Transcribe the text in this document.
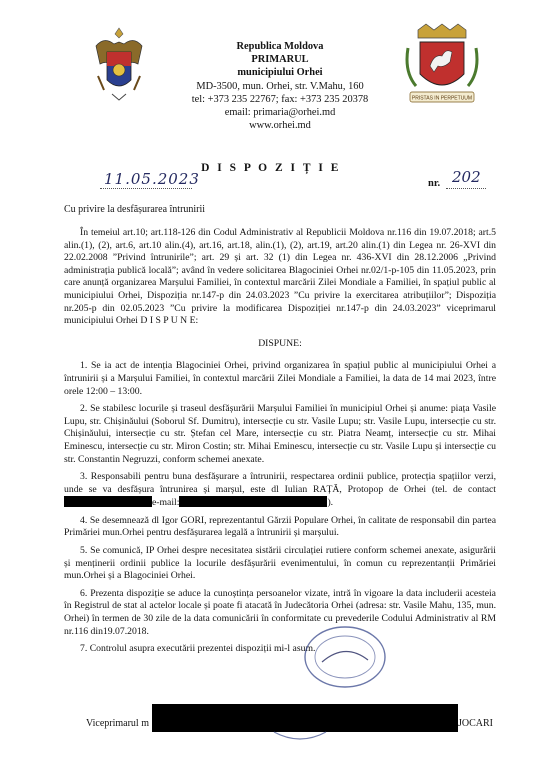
PRISTAS IN PERPETUUM
Republica Moldova
PRIMARUL
municipiului Orhei
MD-3500, mun. Orhei, str. V.Mahu, 160
tel: +373 235 22767; fax: +373 235 20378
email: primaria@orhei.md
www.orhei.md
D I S P O Z I Ț I E
11.05.2023	nr. 202
Cu privire la desfășurarea întrunirii

În temeiul art.10; art.118-126 din Codul Administrativ al Republicii Moldova nr.116 din 19.07.2018; art.5 alin.(1), (2), art.6, art.10 alin.(4), art.16, art.18, alin.(1), (2), art.19, art.20 alin.(1) din Legea nr. 26-XVI din 22.02.2008 ”Privind întrunirile”; art. 29 și art. 32 (1) din Legea nr. 436-XVI din 28.12.2006 „Privind administrația publică locală”; având în vedere solicitarea Blagociniei Orhei nr.02/1-p-105 din 11.05.2023, prin care anunță organizarea Marșului Familiei, în contextul marcării Zilei Mondiale a Familiei, în spațiul public al municipiului Orhei, Dispoziția nr.147-p din 24.03.2023 ”Cu privire la exercitarea atribuțiilor”; Dispoziția nr.205-p din 02.05.2023 ”Cu privire la modificarea Dispoziției nr.147-p din 24.03.2023” viceprimarul municipiului Orhei D I S P U N E:

DISPUNE:

1. Se ia act de intenția Blagociniei Orhei, privind organizarea în spațiul public al municipiului Orhei a întrunirii și a Marșului Familiei, în contextul marcării Zilei Mondiale a Familiei, la data de 14 mai 2023, între orele 12:00 – 13:00.

2. Se stabilesc locurile și traseul desfășurării Marșului Familiei în municipiul Orhei și anume: piața Vasile Lupu, str. Chișinăului (Soborul Sf. Dumitru), intersecție cu str. Vasile Lupu; str. Vasile Lupu, intersecție cu str. Chișinăului, intersecție cu str. Ștefan cel Mare, intersecție cu str. Piatra Neamț, intersecție cu str. Mihai Eminescu, intersecție cu str. Miron Costin; str. Mihai Eminescu, intersecție cu str. Vasile Lupu și intersecție cu str. Constantin Negruzzi, conform schemei anexate.

3. Responsabili pentru buna desfășurare a întrunirii, respectarea ordinii publice, protecția spațiilor verzi, unde se va desfășura întrunirea și marșul, este dl Iulian RAȚĂ, Protopop de Orhei (tel. de contacte-mail:	).

4. Se desemnează dl Igor GORI, reprezentantul Gărzii Populare Orhei, în calitate de responsabil din partea Primăriei mun.Orhei pentru desfășurarea legală a întrunirii și marșului.

5. Se comunică, IP Orhei despre necesitatea sistării circulației rutiere conform schemei anexate, asigurării și menținerii ordinii publice la locurile desfășurării evenimentului, în comun cu reprezentanții Primăriei mun.Orhei și a Blagociniei Orhei.

6. Prezenta dispoziție se aduce la cunoștința persoanelor vizate, intră în vigoare la data includerii acesteia în Registrul de stat al actelor locale și poate fi atacată în Judecătoria Orhei (adresa: str. Vasile Mahu, 135, mun. Orhei) în termen de 30 zile de la data comunicării în conformitate cu prevederile Codului Administrativ al RM nr.116 din19.07.2018.

7. Controlul asupra executării prezentei dispoziții mi-l asum.

Viceprimarul m	JOCARI
